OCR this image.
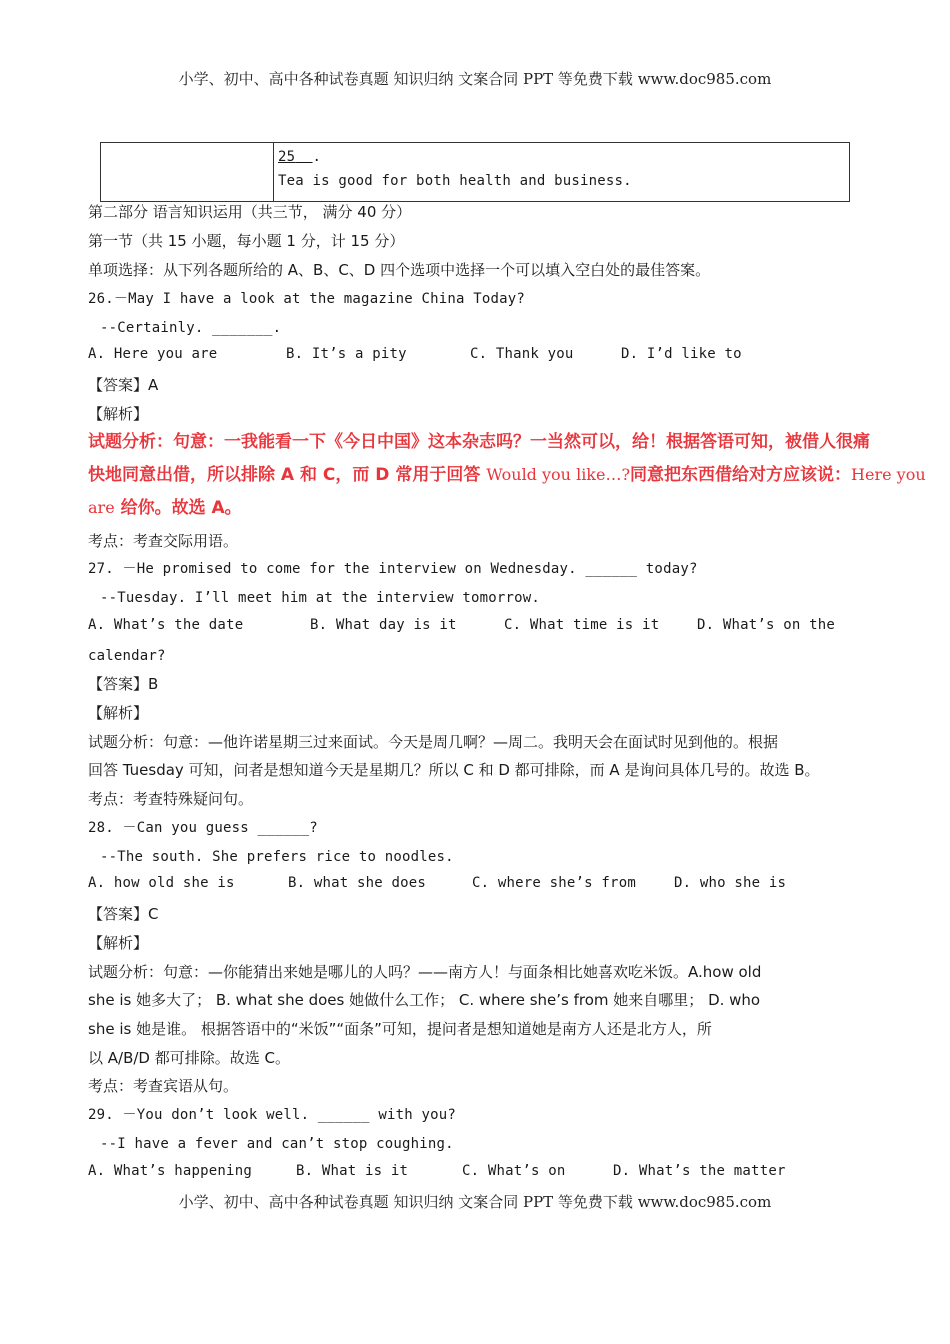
小学、初中、高中各种试卷真题 知识归纳 文案合同 PPT 等免费下载 www.doc985.com

25 .
Tea is good for both health and business.
第二部分 语言知识运用（共三节， 满分 40 分）
第一节（共 15 小题，每小题 1 分，计 15 分）
单项选择：从下列各题所给的 A、B、C、D 四个选项中选择一个可以填入空白处的最佳答案。
26.－May I have a look at the magazine China Today?
--Certainly. _______.
A. Here you are	B. It’s a pity	C. Thank you	D. I’d like to
【答案】A
【解析】
试题分析：句意：一我能看一下《今日中国》这本杂志吗？一当然可以，给！根据答语可知，被借人很痛
快地同意出借，所以排除 A 和 C，而 D 常用于回答 Would you like…?同意把东西借给对方应该说：Here you
are 给你。故选 A。
考点：考查交际用语。
27. －He promised to come for the interview on Wednesday. ______ today?
--Tuesday. I’ll meet him at the interview tomorrow.
A. What’s the date	B. What day is it	C. What time is it	D. What’s on the
calendar?
【答案】B
【解析】
试题分析：句意：—他许诺星期三过来面试。今天是周几啊？—周二。我明天会在面试时见到他的。根据
回答 Tuesday 可知，问者是想知道今天是星期几？所以 C 和 D 都可排除，而 A 是询问具体几号的。故选 B。
考点：考查特殊疑问句。
28. －Can you guess ______?
--The south. She prefers rice to noodles.
A. how old she is	B. what she does	C. where she’s from	D. who she is
【答案】C
【解析】
试题分析：句意：—你能猜出来她是哪儿的人吗？——南方人！与面条相比她喜欢吃米饭。A.how old
she is 她多大了； B. what she does 她做什么工作； C. where she’s from 她来自哪里； D. who
she is 她是谁。 根据答语中的“米饭”“面条”可知，提问者是想知道她是南方人还是北方人，所
以 A/B/D 都可排除。故选 C。
考点：考查宾语从句。
29. －You don’t look well. ______ with you?
--I have a fever and can’t stop coughing.
A. What’s happening	B. What is it	C. What’s on	D. What’s the matter
小学、初中、高中各种试卷真题 知识归纳 文案合同 PPT 等免费下载 www.doc985.com
